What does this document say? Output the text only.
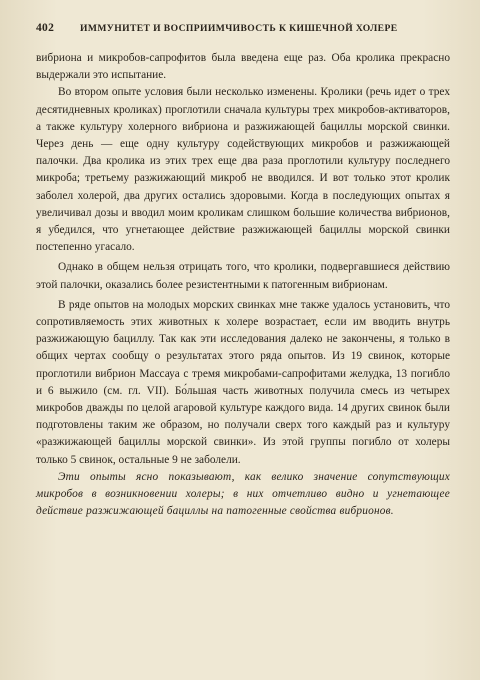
402	ИММУНИТЕТ И ВОСПРИИМЧИВОСТЬ К КИШЕЧНОЙ ХОЛЕРЕ

вибриона и микробов-сапрофитов была введена еще раз. Оба кролика прекрасно выдержали это испытание.

Во втором опыте условия были несколько изменены. Кролики (речь идет о трех десятидневных кроликах) проглотили сначала культуры трех микробов-активаторов, а также культуру холерного вибриона и разжижающей бациллы морской свинки. Через день — еще одну культуру содействующих микробов и разжижающей палочки. Два кролика из этих трех еще два раза проглотили культуру последнего микроба; третьему разжижающий микроб не вводился. И вот только этот кролик заболел холерой, два других остались здоровыми. Когда в последующих опытах я увеличивал дозы и вводил моим кроликам слишком большие количества вибрионов, я убедился, что угнетающее действие разжижающей бациллы морской свинки постепенно угасало.

Однако в общем нельзя отрицать того, что кролики, подвергавшиеся действию этой палочки, оказались более резистентными к патогенным вибрионам.

В ряде опытов на молодых морских свинках мне также удалось установить, что сопротивляемость этих животных к холере возрастает, если им вводить внутрь разжижающую бациллу. Так как эти исследования далеко не закончены, я только в общих чертах сообщу о результатах этого ряда опытов. Из 19 свинок, которые проглотили вибрион Массауа с тремя микробами-сапрофитами желудка, 13 погибло и 6 выжило (см. гл. VII). Бо́льшая часть животных получила смесь из четырех микробов дважды по целой агаровой культуре каждого вида. 14 других свинок были подготовлены таким же образом, но получали сверх того каждый раз и культуру «разжижающей бациллы морской свинки». Из этой группы погибло от холеры только 5 свинок, остальные 9 не заболели.

Эти опыты ясно показывают, как велико значение сопутствующих микробов в возникновении холеры; в них отчетливо видно и угнетающее действие разжижающей бациллы на патогенные свойства вибрионов.
